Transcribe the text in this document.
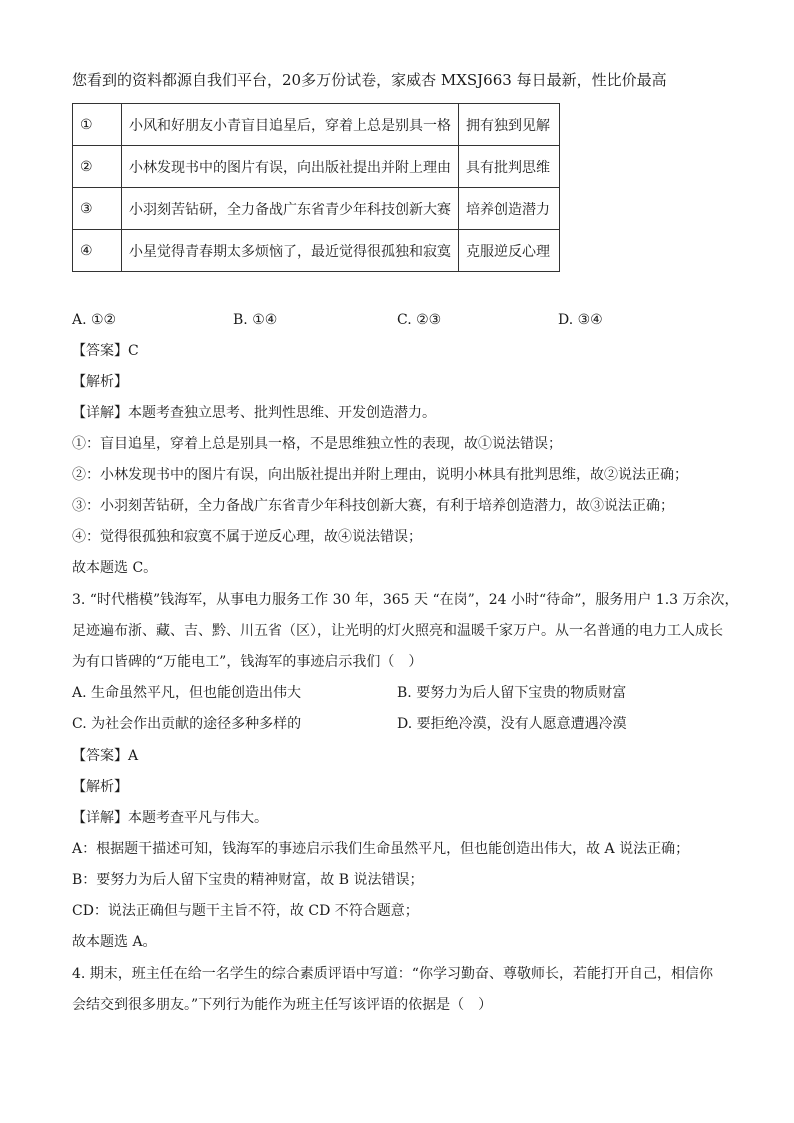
您看到的资料都源自我们平台，20多万份试卷，家威杏 MXSJ663 每日最新，性比价最高
①	小风和好朋友小青盲目追星后，穿着上总是别具一格	拥有独到见解
②	小林发现书中的图片有误，向出版社提出并附上理由	具有批判思维
③	小羽刻苦钻研，全力备战广东省青少年科技创新大赛	培养创造潜力
④	小星觉得青春期太多烦恼了，最近觉得很孤独和寂寞	克服逆反心理
A. ①②	B. ①④	C. ②③	D. ③④
【答案】C
【解析】
【详解】本题考查独立思考、批判性思维、开发创造潜力。
①：盲目追星，穿着上总是别具一格，不是思维独立性的表现，故①说法错误；
②：小林发现书中的图片有误，向出版社提出并附上理由，说明小林具有批判思维，故②说法正确；
③：小羽刻苦钻研，全力备战广东省青少年科技创新大赛，有利于培养创造潜力，故③说法正确；
④：觉得很孤独和寂寞不属于逆反心理，故④说法错误；
故本题选 C。
3. “时代楷模”钱海军，从事电力服务工作 30 年，365 天 “在岗”，24 小时“待命”，服务用户 1.3 万余次，
足迹遍布浙、藏、吉、黔、川五省（区），让光明的灯火照亮和温暖千家万户。从一名普通的电力工人成长
为有口皆碑的“万能电工”，钱海军的事迹启示我们（　）
A. 生命虽然平凡，但也能创造出伟大	B. 要努力为后人留下宝贵的物质财富
C. 为社会作出贡献的途径多种多样的	D. 要拒绝冷漠，没有人愿意遭遇冷漠
【答案】A
【解析】
【详解】本题考查平凡与伟大。
A：根据题干描述可知，钱海军的事迹启示我们生命虽然平凡，但也能创造出伟大，故 A 说法正确；
B：要努力为后人留下宝贵的精神财富，故 B 说法错误；
CD：说法正确但与题干主旨不符，故 CD 不符合题意；
故本题选 A。
4. 期末，班主任在给一名学生的综合素质评语中写道：“你学习勤奋、尊敬师长，若能打开自己，相信你
会结交到很多朋友。”下列行为能作为班主任写该评语的依据是（　）
